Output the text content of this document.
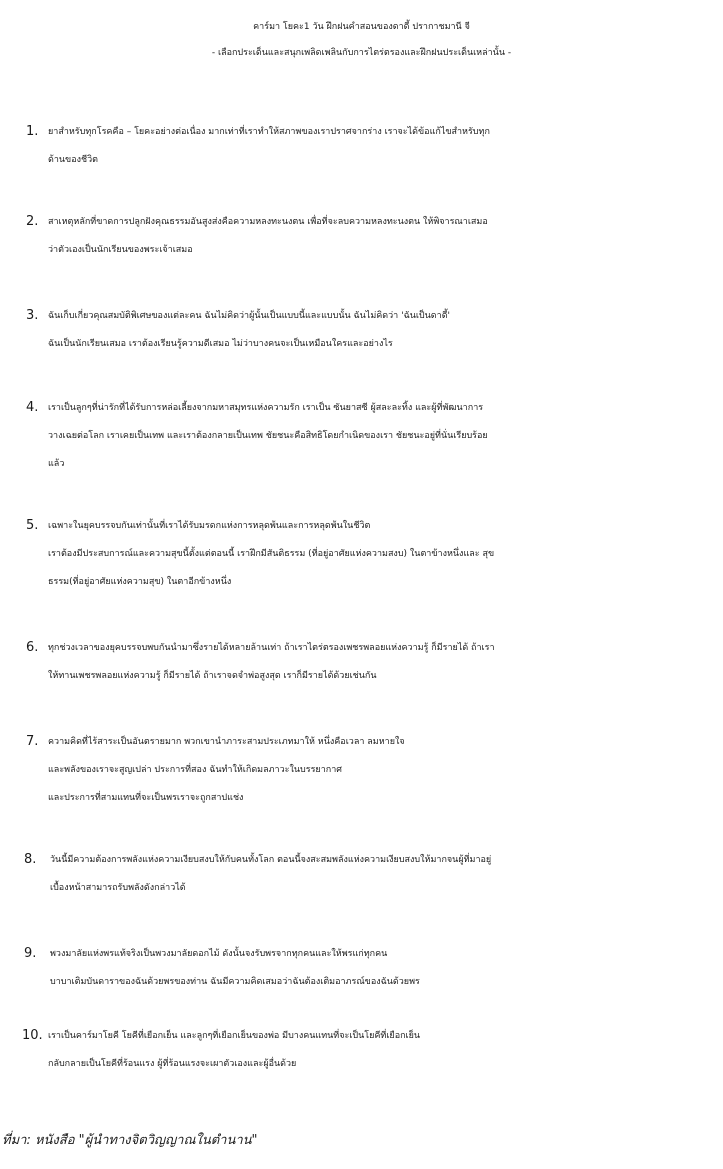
คาร์มา โยคะ1 วัน ฝึกฝนคำสอนของดาดี้ ปรากาชมานี จี
- เลือกประเด็นและสนุกเพลิดเพลินกับการไตร่ตรองและฝึกฝนประเด็นเหล่านั้น -
1. ยาสำหรับทุกโรคคือ – โยคะอย่างต่อเนื่อง มากเท่าที่เราทำให้สภาพของเราปราศจากร่าง เราจะได้ข้อแก้ไขสำหรับทุก
ด้านของชีวิต
2. สาเหตุหลักที่ขาดการปลูกฝังคุณธรรมอันสูงส่งคือความหลงทะนงตน เพื่อที่จะลบความหลงทะนงตน ให้พิจารณาเสมอ
ว่าตัวเองเป็นนักเรียนของพระเจ้าเสมอ
3. ฉันเก็บเกี่ยวคุณสมบัติพิเศษของแต่ละคน ฉันไม่คิดว่าผู้นั้นเป็นแบบนี้และแบบนั้น ฉันไม่คิดว่า 'ฉันเป็นดาดี้'
ฉันเป็นนักเรียนเสมอ เราต้องเรียนรู้ความดีเสมอ ไม่ว่าบางคนจะเป็นเหมือนใครและอย่างไร
4. เราเป็นลูกๆที่น่ารักที่ได้รับการหล่อเลี้ยงจากมหาสมุทรแห่งความรัก เราเป็น ซันยาสซี ผู้สละละทิ้ง และผู้ที่พัฒนาการ
วางเฉยต่อโลก เราเคยเป็นเทพ และเราต้องกลายเป็นเทพ ชัยชนะคือสิทธิโดยกำเนิดของเรา ชัยชนะอยู่ที่นั่นเรียบร้อย
แล้ว
5. เฉพาะในยุคบรรจบกันเท่านั้นที่เราได้รับมรดกแห่งการหลุดพ้นและการหลุดพ้นในชีวิต
เราต้องมีประสบการณ์และความสุขนี้ตั้งแต่ตอนนี้ เราฝึกมีสันติธรรม (ที่อยู่อาศัยแห่งความสงบ) ในตาข้างหนึ่งและ สุข
ธรรม(ที่อยู่อาศัยแห่งความสุข) ในตาอีกข้างหนึ่ง
6. ทุกช่วงเวลาของยุคบรรจบพบกันนำมาซึ่งรายได้หลายล้านเท่า ถ้าเราไตร่ตรองเพชรพลอยแห่งความรู้ ก็มีรายได้ ถ้าเรา
ให้ทานเพชรพลอยแห่งความรู้ ก็มีรายได้ ถ้าเราจดจำพ่อสูงสุด เราก็มีรายได้ด้วยเช่นกัน
7. ความคิดที่ไร้สาระเป็นอันตรายมาก พวกเขานำภาระสามประเภทมาให้ หนึ่งคือเวลา ลมหายใจ
และพลังของเราจะสูญเปล่า ประการที่สอง ฉันทำให้เกิดมลภาวะในบรรยากาศ
และประการที่สามแทนที่จะเป็นพรเราจะถูกสาปแช่ง
8. วันนี้มีความต้องการพลังแห่งความเงียบสงบให้กับคนทั้งโลก ตอนนี้จงสะสมพลังแห่งความเงียบสงบให้มากจนผู้ที่มาอยู่
เบื้องหน้าสามารถรับพลังดังกล่าวได้
9. พวงมาลัยแห่งพรแท้จริงเป็นพวงมาลัยดอกไม้ ดังนั้นจงรับพรจากทุกคนและให้พรแก่ทุกคน
บาบาเติมบันดาราของฉันด้วยพรของท่าน ฉันมีความคิดเสมอว่าฉันต้องเติมอาภรณ์ของฉันด้วยพร
10. เราเป็นคาร์มาโยคี โยคีที่เยือกเย็น และลูกๆที่เยือกเย็นของพ่อ มีบางคนแทนที่จะเป็นโยคีที่เยือกเย็น
กลับกลายเป็นโยคีที่ร้อนแรง ผู้ที่ร้อนแรงจะเผาตัวเองและผู้อื่นด้วย
ที่มา: หนังสือ "ผู้นำทางจิตวิญญาณในตำนาน"
